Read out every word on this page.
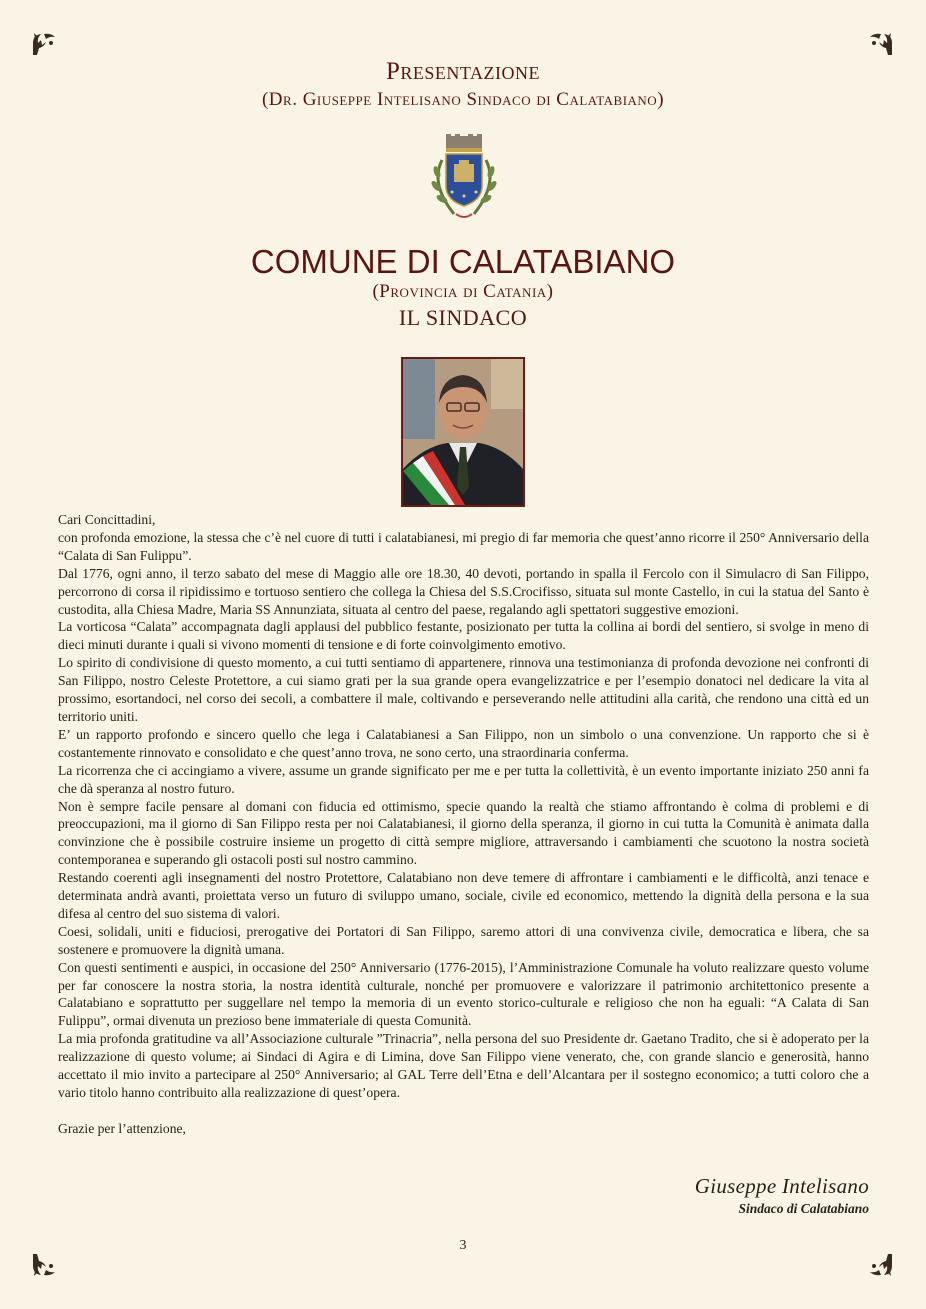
Presentazione
(Dr. Giuseppe Intelisano Sindaco di Calatabiano)
COMUNE DI CALATABIANO
(Provincia di Catania)
IL SINDACO

Cari Concittadini,

con profonda emozione, la stessa che c’è nel cuore di tutti i calatabianesi, mi pregio di far memoria che quest’anno ricorre il 250° Anniversario della “Calata di San Fulippu”.

Dal 1776, ogni anno, il terzo sabato del mese di Maggio alle ore 18.30, 40 devoti, portando in spalla il Fercolo con il Simulacro di San Filippo, percorrono di corsa il ripidissimo e tortuoso sentiero che collega la Chiesa del S.S.Crocifisso, situata sul monte Castello, in cui la statua del Santo è custodita, alla Chiesa Madre, Maria SS Annunziata, situata al centro del paese, regalando agli spettatori suggestive emozioni.

La vorticosa “Calata” accompagnata dagli applausi del pubblico festante, posizionato per tutta la collina ai bordi del sentiero, si svolge in meno di dieci minuti durante i quali si vivono momenti di tensione e di forte coinvolgimento emotivo.

Lo spirito di condivisione di questo momento, a cui tutti sentiamo di appartenere, rinnova una testimonianza di profonda devozione nei confronti di San Filippo, nostro Celeste Protettore, a cui siamo grati per la sua grande opera evangelizzatrice e per l’esempio donatoci nel dedicare la vita al prossimo, esortandoci, nel corso dei secoli, a combattere il male, coltivando e perseverando nelle attitudini alla carità, che rendono una città ed un territorio uniti.

E’ un rapporto profondo e sincero quello che lega i Calatabianesi a San Filippo, non un simbolo o una convenzione. Un rapporto che si è costantemente rinnovato e consolidato e che quest’anno trova, ne sono certo, una straordinaria conferma.

La ricorrenza che ci accingiamo a vivere, assume un grande significato per me e per tutta la collettività, è un evento importante iniziato 250 anni fa che dà speranza al nostro futuro.

Non è sempre facile pensare al domani con fiducia ed ottimismo, specie quando la realtà che stiamo affrontando è colma di problemi e di preoccupazioni, ma il giorno di San Filippo resta per noi Calatabianesi, il giorno della speranza, il giorno in cui tutta la Comunità è animata dalla convinzione che è possibile costruire insieme un progetto di città sempre migliore, attraversando i cambiamenti che scuotono la nostra società contemporanea e superando gli ostacoli posti sul nostro cammino.

Restando coerenti agli insegnamenti del nostro Protettore, Calatabiano non deve temere di affrontare i cambiamenti e le difficoltà, anzi tenace e determinata andrà avanti, proiettata verso un futuro di sviluppo umano, sociale, civile ed economico, mettendo la dignità della persona e la sua difesa al centro del suo sistema di valori.

Coesi, solidali, uniti e fiduciosi, prerogative dei Portatori di San Filippo, saremo attori di una convivenza civile, democratica e libera, che sa sostenere e promuovere la dignità umana.

Con questi sentimenti e auspici, in occasione del 250° Anniversario (1776-2015), l’Amministrazione Comunale ha voluto realizzare questo volume per far conoscere la nostra storia, la nostra identità culturale, nonché per promuovere e valorizzare il patrimonio architettonico presente a Calatabiano e soprattutto per suggellare nel tempo la memoria di un evento storico-culturale e religioso che non ha eguali: “A Calata di San Fulippu”, ormai divenuta un prezioso bene immateriale di questa Comunità.

La mia profonda gratitudine va all’Associazione culturale ”Trinacria”, nella persona del suo Presidente dr. Gaetano Tradito, che si è adoperato per la realizzazione di questo volume; ai Sindaci di Agira e di Limina, dove San Filippo viene venerato, che, con grande slancio e generosità, hanno accettato il mio invito a partecipare al 250° Anniversario; al GAL Terre dell’Etna e dell’Alcantara per il sostegno economico; a tutti coloro che a vario titolo hanno contribuito alla realizzazione di quest’opera.

Grazie per l’attenzione,

Giuseppe Intelisano
Sindaco di Calatabiano
3
